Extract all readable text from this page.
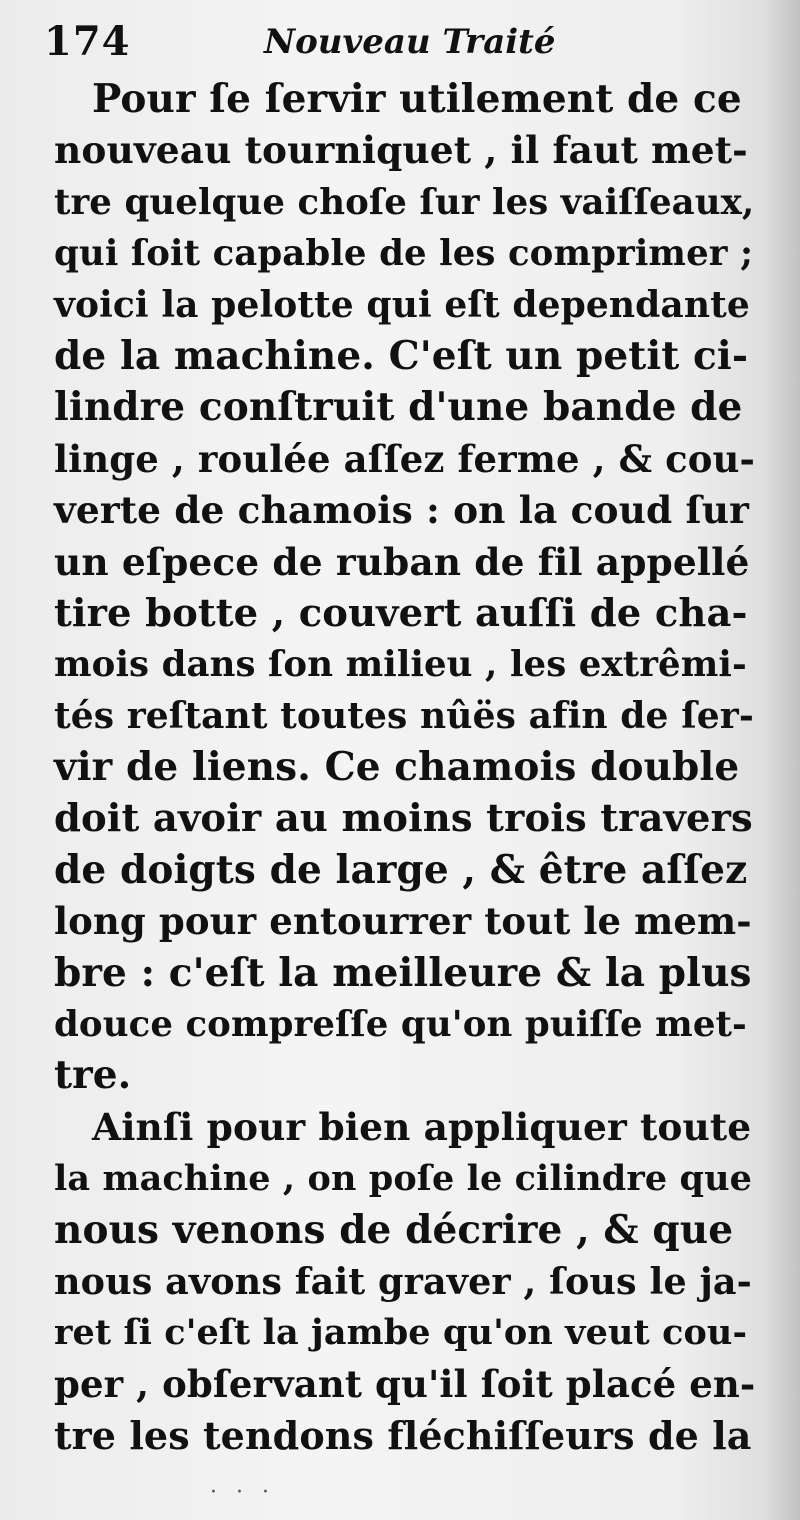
174	Nouveau Traité
Pour ſe ſervir utilement de ce
nouveau tourniquet , il faut met-
tre quelque choſe ſur les vaiſſeaux,
qui ſoit capable de les comprimer ;
voici la pelotte qui eſt dependante
de la machine. C'eſt un petit ci-
lindre conſtruit d'une bande de
linge , roulée aſſez ferme , & cou-
verte de chamois : on la coud ſur
un eſpece de ruban de fil appellé
tire botte , couvert auſſi de cha-
mois dans ſon milieu , les extrêmi-
tés reſtant toutes nûës afin de ſer-
vir de liens. Ce chamois double
doit avoir au moins trois travers
de doigts de large , & être aſſez
long pour entourrer tout le mem-
bre : c'eſt la meilleure & la plus
douce compreſſe qu'on puiſſe met-
tre.
Ainſi pour bien appliquer toute
la machine , on poſe le cilindre que
nous venons de décrire , & que
nous avons fait graver , ſous le ja-
ret ſi c'eſt la jambe qu'on veut cou-
per , obſervant qu'il ſoit placé en-
tre les tendons fléchiſſeurs de la
· · ·
